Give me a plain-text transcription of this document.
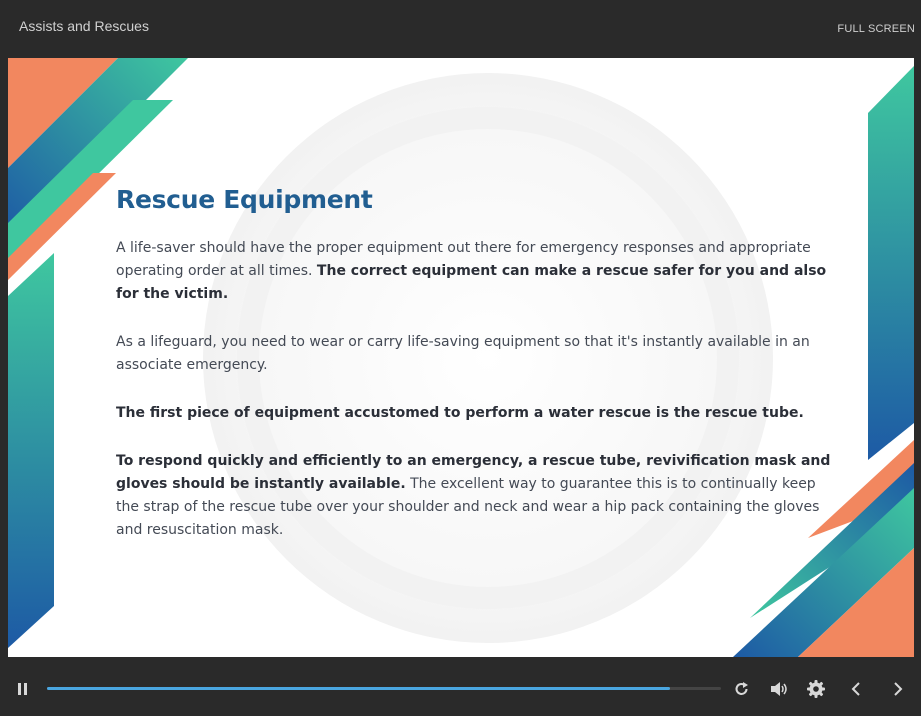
Assists and Rescues	FULL SCREEN
Rescue Equipment

A life-saver should have the proper equipment out there for emergency responses and appropriate operating order at all times. The correct equipment can make a rescue safer for you and also for the victim.

As a lifeguard, you need to wear or carry life-saving equipment so that it's instantly available in an associate emergency.

The first piece of equipment accustomed to perform a water rescue is the rescue tube.

To respond quickly and efficiently to an emergency, a rescue tube, revivification mask and gloves should be instantly available. The excellent way to guarantee this is to continually keep the strap of the rescue tube over your shoulder and neck and wear a hip pack containing the gloves and resuscitation mask.
